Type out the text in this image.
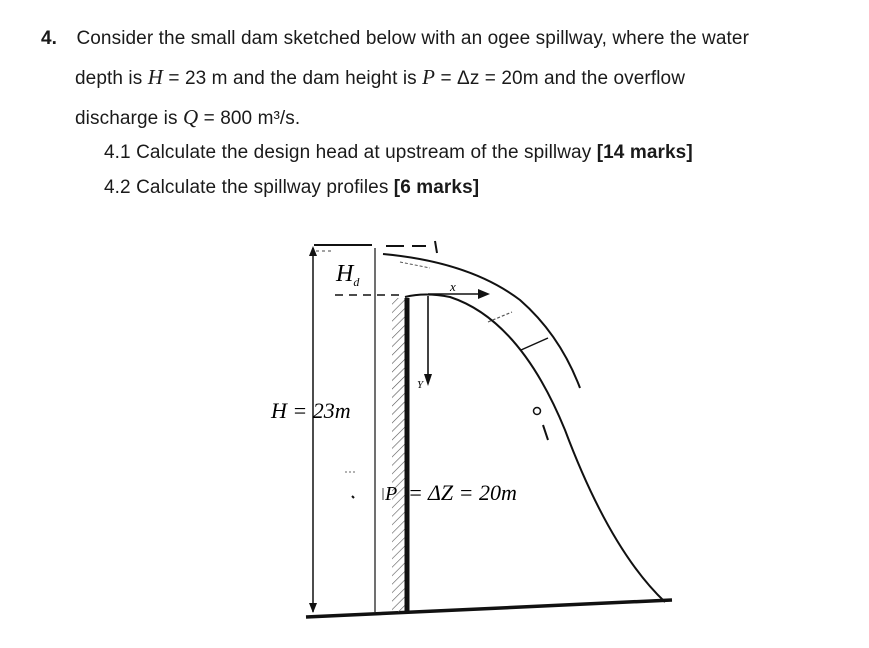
4. Consider the small dam sketched below with an ogee spillway, where the water
depth is H = 23 m and the dam height is P = Δz = 20m and the overflow
discharge is Q = 800 m³/s.
4.1 Calculate the design head at upstream of the spillway [14 marks]
4.2 Calculate the spillway profiles [6 marks]
$H_d$	x
Y
H = 23m
P = ΔZ = 20m
